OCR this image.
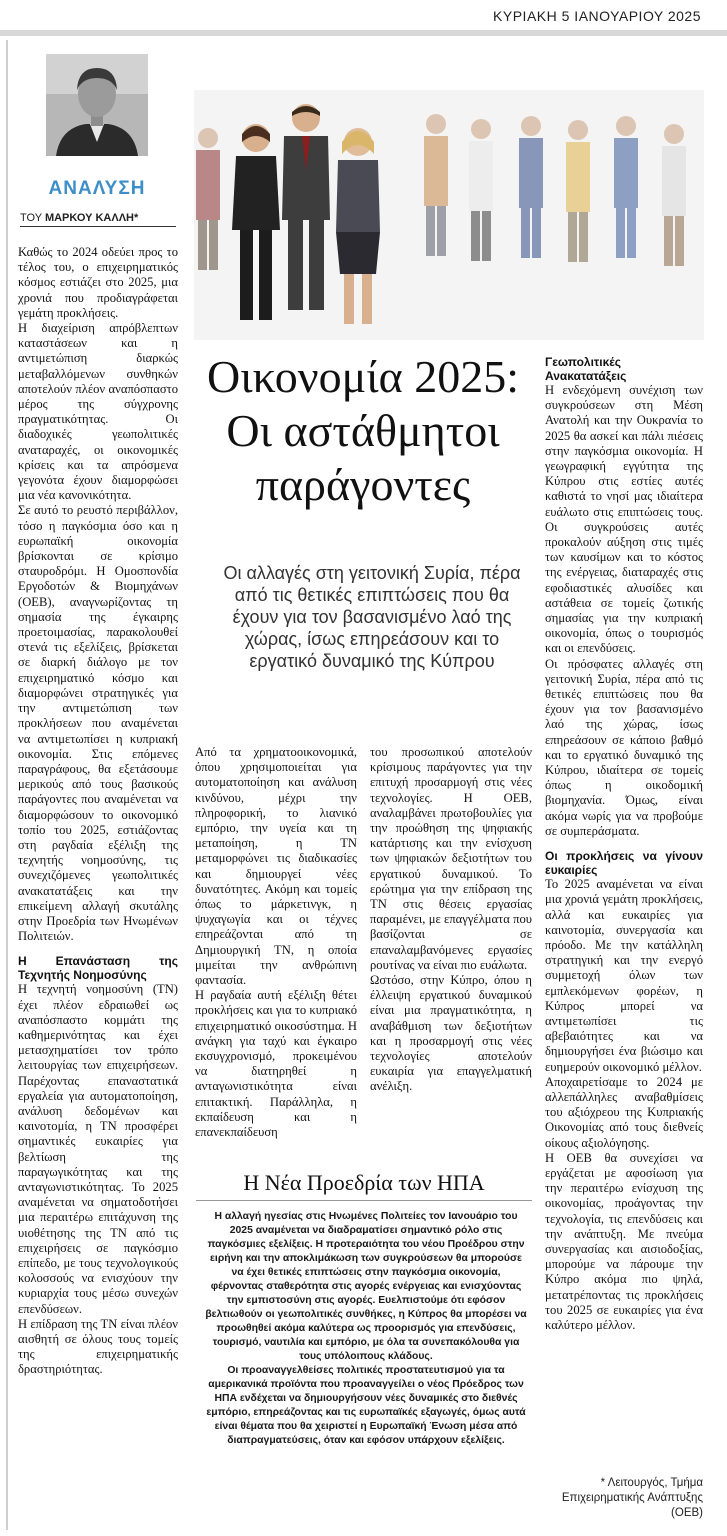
ΚΥΡΙΑΚΗ 5 ΙΑΝΟΥΑΡΙΟΥ 2025
ΑΝΑΛΥΣΗ
ΤΟΥ ΜΑΡΚΟΥ ΚΑΛΛΗ*
Οικονομία 2025: Οι αστάθμητοι παράγοντες
Οι αλλαγές στη γειτονική Συρία, πέρα από τις θετικές επιπτώσεις που θα έχουν για τον βασανισμένο λαό της χώρας, ίσως επηρεάσουν και το εργατικό δυναμικό της Κύπρου

Καθώς το 2024 οδεύει προς το τέλος του, ο επιχειρηματικός κόσμος εστιάζει στο 2025, μια χρονιά που προδιαγράφεται γεμάτη προκλήσεις.

Η διαχείριση απρόβλεπτων καταστάσεων και η αντιμετώπιση διαρκώς μεταβαλλόμενων συνθηκών αποτελούν πλέον αναπόσπαστο μέρος της σύγχρονης πραγματικότητας. Οι διαδοχικές γεωπολιτικές αναταραχές, οι οικονομικές κρίσεις και τα απρόσμενα γεγονότα έχουν διαμορφώσει μια νέα κανονικότητα.

Σε αυτό το ρευστό περιβάλλον, τόσο η παγκόσμια όσο και η ευρωπαϊκή οικονομία βρίσκονται σε κρίσιμο σταυροδρόμι. Η Ομοσπονδία Εργοδοτών & Βιομηχάνων (ΟΕΒ), αναγνωρίζοντας τη σημασία της έγκαιρης προετοιμασίας, παρακολουθεί στενά τις εξελίξεις, βρίσκεται σε διαρκή διάλογο με τον επιχειρηματικό κόσμο και διαμορφώνει στρατηγικές για την αντιμετώπιση των προκλήσεων που αναμένεται να αντιμετωπίσει η κυπριακή οικονομία. Στις επόμενες παραγράφους, θα εξετάσουμε μερικούς από τους βασικούς παράγοντες που αναμένεται να διαμορφώσουν το οικονομικό τοπίο του 2025, εστιάζοντας στη ραγδαία εξέλιξη της τεχνητής νοημοσύνης, τις συνεχιζόμενες γεωπολιτικές ανακατατάξεις και την επικείμενη αλλαγή σκυτάλης στην Προεδρία των Ηνωμένων Πολιτειών.

Η Επανάσταση της Τεχνητής Νοημοσύνης

Η τεχνητή νοημοσύνη (ΤΝ) έχει πλέον εδραιωθεί ως αναπόσπαστο κομμάτι της καθημερινότητας και έχει μετασχηματίσει τον τρόπο λειτουργίας των επιχειρήσεων. Παρέχοντας επαναστατικά εργαλεία για αυτοματοποίηση, ανάλυση δεδομένων και καινοτομία, η ΤΝ προσφέρει σημαντικές ευκαιρίες για βελτίωση της παραγωγικότητας και της ανταγωνιστικότητας. Το 2025 αναμένεται να σηματοδοτήσει μια περαιτέρω επιτάχυνση της υιοθέτησης της ΤΝ από τις επιχειρήσεις σε παγκόσμιο επίπεδο, με τους τεχνολογικούς κολοσσούς να ενισχύουν την κυριαρχία τους μέσω συνεχών επενδύσεων.

Η επίδραση της ΤΝ είναι πλέον αισθητή σε όλους τους τομείς της επιχειρηματικής δραστηριότητας.

Από τα χρηματοοικονομικά, όπου χρησιμοποιείται για αυτοματοποίηση και ανάλυση κινδύνου, μέχρι την πληροφορική, το λιανικό εμπόριο, την υγεία και τη μεταποίηση, η ΤΝ μεταμορφώνει τις διαδικασίες και δημιουργεί νέες δυνατότητες. Ακόμη και τομείς όπως το μάρκετινγκ, η ψυχαγωγία και οι τέχνες επηρεάζονται από τη Δημιουργική ΤΝ, η οποία μιμείται την ανθρώπινη φαντασία.

Η ραγδαία αυτή εξέλιξη θέτει προκλήσεις και για το κυπριακό επιχειρηματικό οικοσύστημα. Η ανάγκη για ταχύ και έγκαιρο εκσυγχρονισμό, προκειμένου να διατηρηθεί η ανταγωνιστικότητα είναι επιτακτική. Παράλληλα, η εκπαίδευση και η επανεκπαίδευση

του προσωπικού αποτελούν κρίσιμους παράγοντες για την επιτυχή προσαρμογή στις νέες τεχνολογίες. Η ΟΕΒ, αναλαμβάνει πρωτοβουλίες για την προώθηση της ψηφιακής κατάρτισης και την ενίσχυση των ψηφιακών δεξιοτήτων του εργατικού δυναμικού. Το ερώτημα για την επίδραση της ΤΝ στις θέσεις εργασίας παραμένει, με επαγγέλματα που βασίζονται σε επαναλαμβανόμενες εργασίες ρουτίνας να είναι πιο ευάλωτα.

Ωστόσο, στην Κύπρο, όπου η έλλειψη εργατικού δυναμικού είναι μια πραγματικότητα, η αναβάθμιση των δεξιοτήτων και η προσαρμογή στις νέες τεχνολογίες αποτελούν ευκαιρία για επαγγελματική ανέλιξη.

Γεωπολιτικές Ανακατατάξεις

Η ενδεχόμενη συνέχιση των συγκρούσεων στη Μέση Ανατολή και την Ουκρανία το 2025 θα ασκεί και πάλι πιέσεις στην παγκόσμια οικονομία. Η γεωγραφική εγγύτητα της Κύπρου στις εστίες αυτές καθιστά το νησί μας ιδιαίτερα ευάλωτο στις επιπτώσεις τους. Οι συγκρούσεις αυτές προκαλούν αύξηση στις τιμές των καυσίμων και το κόστος της ενέργειας, διαταραχές στις εφοδιαστικές αλυσίδες και αστάθεια σε τομείς ζωτικής σημασίας για την κυπριακή οικονομία, όπως ο τουρισμός και οι επενδύσεις.

Οι πρόσφατες αλλαγές στη γειτονική Συρία, πέρα από τις θετικές επιπτώσεις που θα έχουν για τον βασανισμένο λαό της χώρας, ίσως επηρεάσουν σε κάποιο βαθμό και το εργατικό δυναμικό της Κύπρου, ιδιαίτερα σε τομείς όπως η οικοδομική βιομηχανία. Όμως, είναι ακόμα νωρίς για να προβούμε σε συμπεράσματα.

Οι προκλήσεις να γίνουν ευκαιρίες

Το 2025 αναμένεται να είναι μια χρονιά γεμάτη προκλήσεις, αλλά και ευκαιρίες για καινοτομία, συνεργασία και πρόοδο. Με την κατάλληλη στρατηγική και την ενεργό συμμετοχή όλων των εμπλεκόμενων φορέων, η Κύπρος μπορεί να αντιμετωπίσει τις αβεβαιότητες και να δημιουργήσει ένα βιώσιμο και ευημερούν οικονομικό μέλλον.

Αποχαιρετίσαμε το 2024 με αλλεπάλληλες αναβαθμίσεις του αξιόχρεου της Κυπριακής Οικονομίας από τους διεθνείς οίκους αξιολόγησης.

Η ΟΕΒ θα συνεχίσει να εργάζεται με αφοσίωση για την περαιτέρω ενίσχυση της οικονομίας, προάγοντας την τεχνολογία, τις επενδύσεις και την ανάπτυξη. Με πνεύμα συνεργασίας και αισιοδοξίας, μπορούμε να πάρουμε την Κύπρο ακόμα πιο ψηλά, μετατρέποντας τις προκλήσεις του 2025 σε ευκαιρίες για ένα καλύτερο μέλλον.

Η Νέα Προεδρία των ΗΠΑ

Η αλλαγή ηγεσίας στις Ηνωμένες Πολιτείες τον Ιανουάριο του 2025 αναμένεται να διαδραματίσει σημαντικό ρόλο στις παγκόσμιες εξελίξεις. Η προτεραιότητα του νέου Προέδρου στην ειρήνη και την αποκλιμάκωση των συγκρούσεων θα μπορούσε να έχει θετικές επιπτώσεις στην παγκόσμια οικονομία, φέρνοντας σταθερότητα στις αγορές ενέργειας και ενισχύοντας την εμπιστοσύνη στις αγορές. Ευελπιστούμε ότι εφόσον βελτιωθούν οι γεωπολιτικές συνθήκες, η Κύπρος θα μπορέσει να προωθηθεί ακόμα καλύτερα ως προορισμός για επενδύσεις, τουρισμό, ναυτιλία και εμπόριο, με όλα τα συνεπακόλουθα για τους υπόλοιπους κλάδους.

Οι προαναγγελθείσες πολιτικές προστατευτισμού για τα αμερικανικά προϊόντα που προαναγγείλει ο νέος Πρόεδρος των ΗΠΑ ενδέχεται να δημιουργήσουν νέες δυναμικές στο διεθνές εμπόριο, επηρεάζοντας και τις ευρωπαϊκές εξαγωγές, όμως αυτά είναι θέματα που θα χειριστεί η Ευρωπαϊκή Ένωση μέσα από διαπραγματεύσεις, όταν και εφόσον υπάρχουν εξελίξεις.

* Λειτουργός, Τμήμα Επιχειρηματικής Ανάπτυξης (ΟΕΒ)
